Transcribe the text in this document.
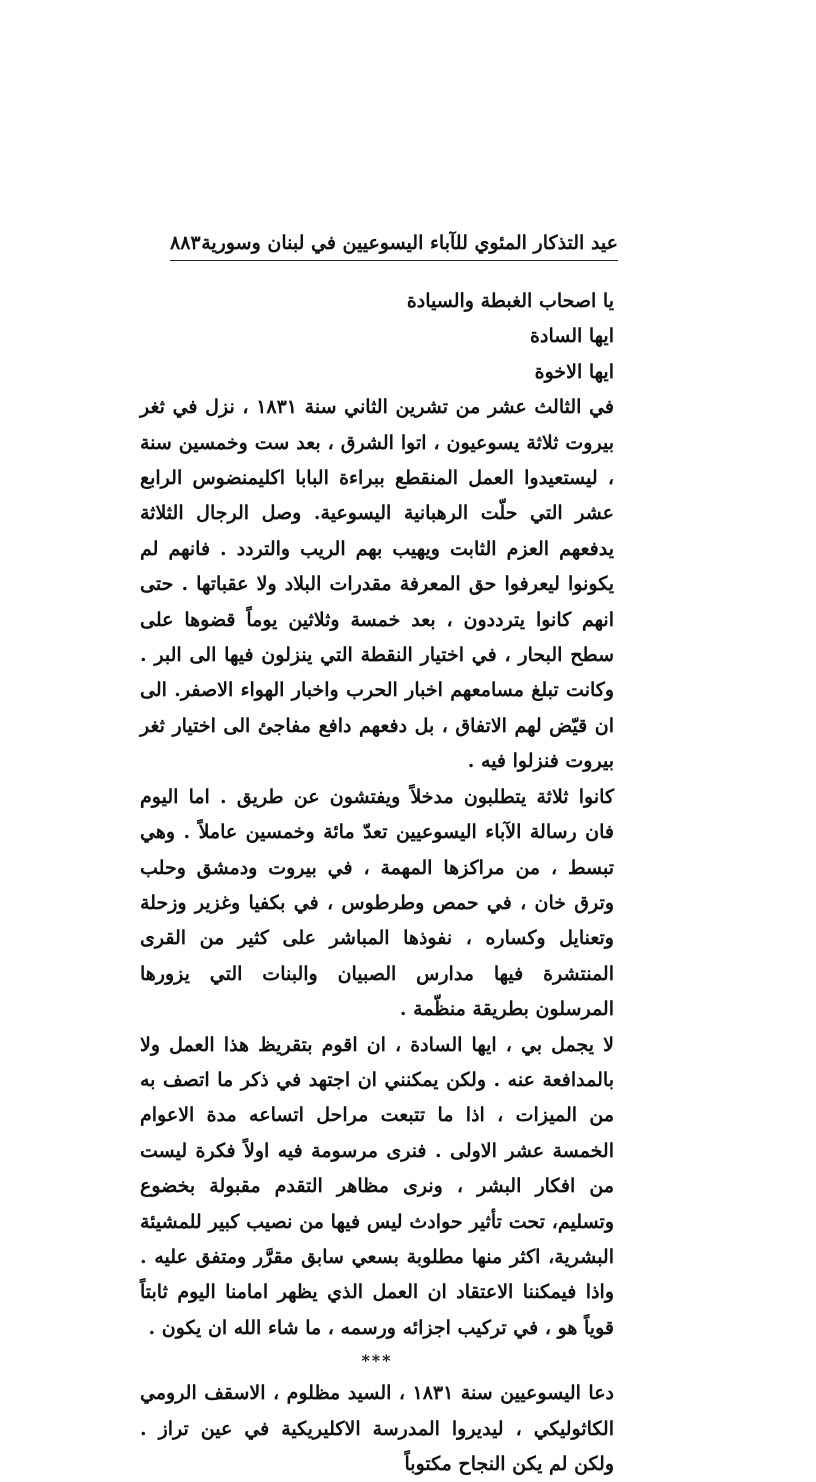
عيد التذكار المئوي للآباء اليسوعيين في لبنان وسورية
٨٨٣
يا اصحاب الغبطة والسيادة
ايها السادة
ايها الاخوة

في الثالث عشر من تشرين الثاني سنة ١٨٣١ ، نزل في ثغر بيروت ثلاثة يسوعيون ، اتوا الشرق ، بعد ست وخمسين سنة ، ليستعيدوا العمل المنقطع ببراءة البابا اكليمنضوس الرابع عشر التي حلّت الرهبانية اليسوعية. وصل الرجال الثلاثة يدفعهم العزم الثابت ويهيب بهم الريب والتردد . فانهم لم يكونوا ليعرفوا حق المعرفة مقدرات البلاد ولا عقباتها . حتى انهم كانوا يترددون ، بعد خمسة وثلاثين يوماً قضوها على سطح البحار ، في اختيار النقطة التي ينزلون فيها الى البر . وكانت تبلغ مسامعهم اخبار الحرب واخبار الهواء الاصفر. الى ان قيّض لهم الاتفاق ، بل دفعهم دافع مفاجئ الى اختيار ثغر بيروت فنزلوا فيه .

كانوا ثلاثة يتطلبون مدخلاً ويفتشون عن طريق . اما اليوم فان رسالة الآباء اليسوعيين تعدّ مائة وخمسين عاملاً . وهي تبسط ، من مراكزها المهمة ، في بيروت ودمشق وحلب وترق خان ، في حمص وطرطوس ، في بكفيا وغزير وزحلة وتعنايل وكساره ، نفوذها المباشر على كثير من القرى المنتشرة فيها مدارس الصبيان والبنات التي يزورها المرسلون بطريقة منظّمة .

لا يجمل بي ، ايها السادة ، ان اقوم بتقريظ هذا العمل ولا بالمدافعة عنه . ولكن يمكنني ان اجتهد في ذكر ما اتصف به من الميزات ، اذا ما تتبعت مراحل اتساعه مدة الاعوام الخمسة عشر الاولى . فنرى مرسومة فيه اولاً فكرة ليست من افكار البشر ، ونرى مظاهر التقدم مقبولة بخضوع وتسليم، تحت تأثير حوادث ليس فيها من نصيب كبير للمشيئة البشرية، اكثر منها مطلوبة بسعي سابق مقرَّر ومتفق عليه . واذا فيمكننا الاعتقاد ان العمل الذي يظهر امامنا اليوم ثابتاً قوياً هو ، في تركيب اجزائه ورسمه ، ما شاء الله ان يكون .

***

دعا اليسوعيين سنة ١٨٣١ ، السيد مظلوم ، الاسقف الرومي الكاثوليكي ، ليديروا المدرسة الاكليريكية في عين تراز . ولكن لم يكن النجاح مكتوباً
